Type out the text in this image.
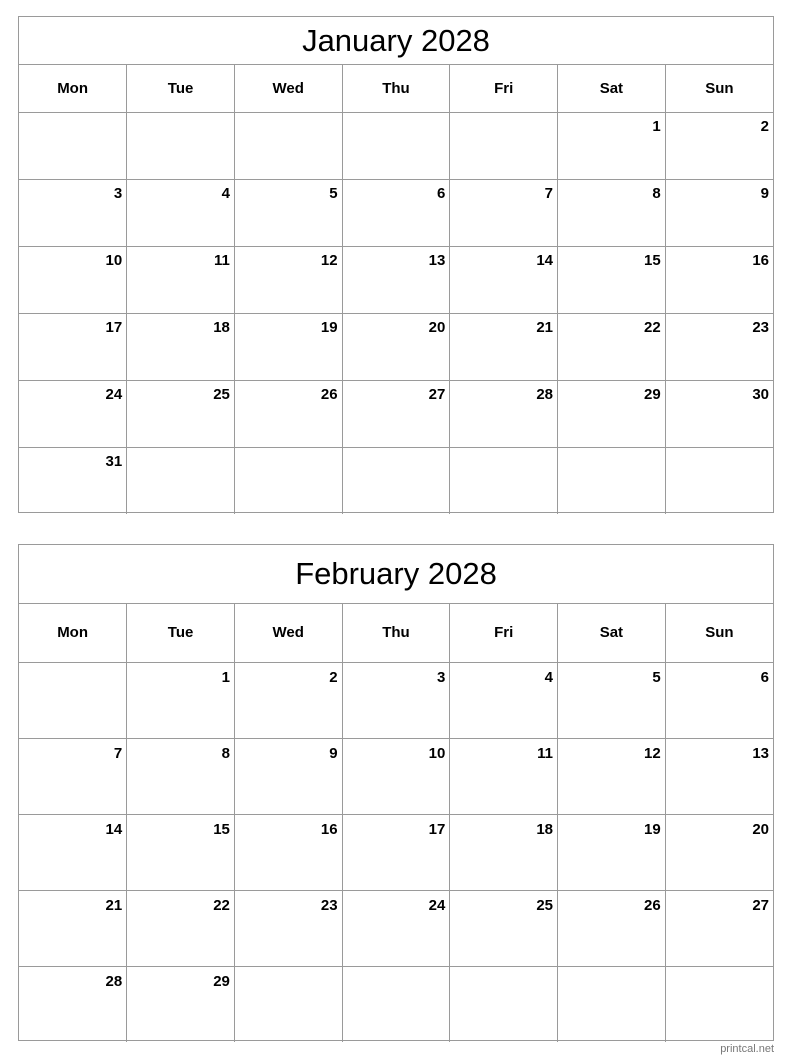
January 2028
Mon	Tue	Wed	Thu	Fri	Sat	Sun

					1	2

3	4	5	6	7	8	9

10	11	12	13	14	15	16

17	18	19	20	21	22	23

24	25	26	27	28	29	30

31						

February 2028
Mon	Tue	Wed	Thu	Fri	Sat	Sun

	1	2	3	4	5	6

7	8	9	10	11	12	13

14	15	16	17	18	19	20

21	22	23	24	25	26	27

28	29					

printcal.net
